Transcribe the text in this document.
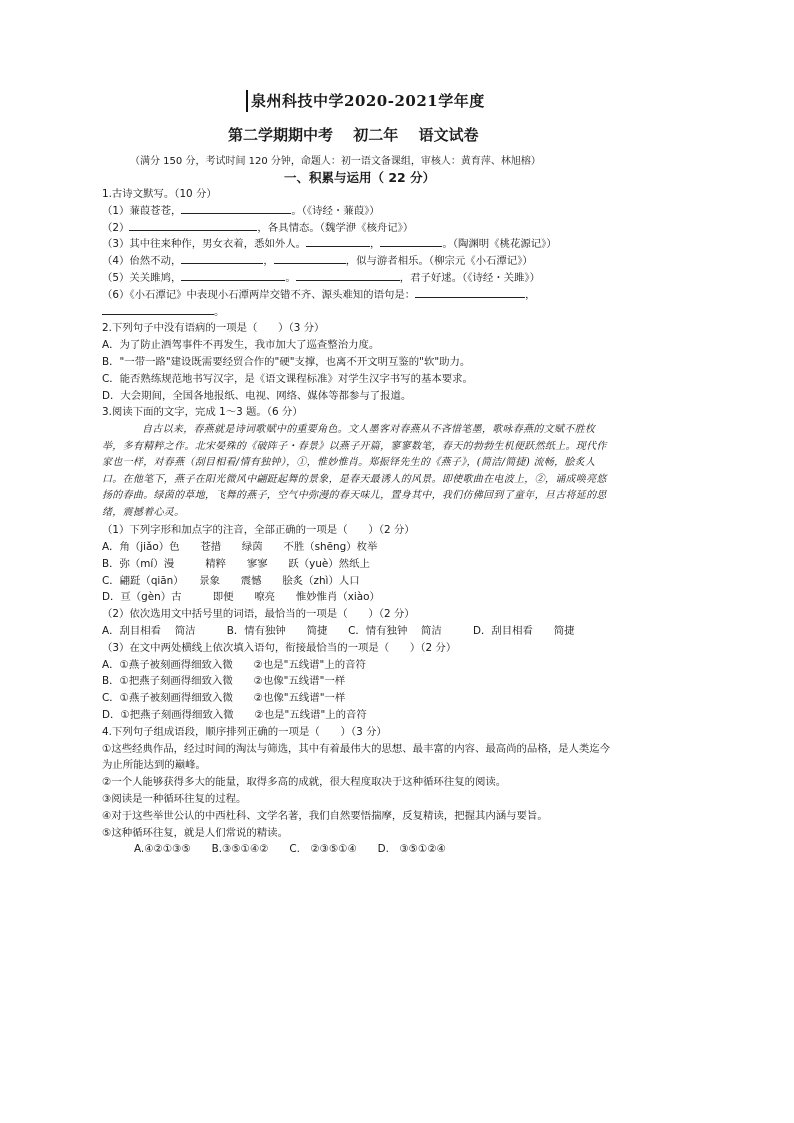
泉州科技中学2020-2021学年度
第二学期期中考　 初二年　 语文试卷
（满分 150 分，考试时间 120 分钟，命题人：初一语文备课组，审核人：黄育萍、林旭榕）
一、积累与运用（ 22 分）
1.古诗文默写。（10 分）
（1）蒹葭苍苍，	。（《诗经・蒹葭》）
（2）	，各具情态。（魏学洢《核舟记》）
（3）其中往来种作，男女衣着，悉如外人。	，	。（陶渊明《桃花源记》）
（4）佁然不动，	，	，似与游者相乐。（柳宗元《小石潭记》）
（5）关关雎鸠，	。	，君子好逑。（《诗经・关雎》）
（6）《小石潭记》中表现小石潭两岸交错不齐、源头难知的语句是：	，
。
2.下列句子中没有语病的一项是（　　）（3 分）
A．为了防止酒驾事件不再发生，我市加大了巡查整治力度。
B．"一带一路"建设既需要经贸合作的"硬"支撑，也离不开文明互鉴的"软"助力。
C．能否熟练规范地书写汉字，是《语文课程标准》对学生汉字书写的基本要求。
D．大会期间，全国各地报纸、电视、网络、媒体等都参与了报道。
3.阅读下面的文字，完成 1～3 题。（6 分）
自古以来，春燕就是诗词歌赋中的重要角色。文人墨客对春燕从不吝惜笔墨，歌咏春燕的文赋不胜枚举，多有精粹之作。北宋晏殊的《破阵子・春景》以燕子开篇，寥寥数笔，春天的勃勃生机便跃然纸上。现代作家也一样，对春燕（刮目相看/情有独钟），①，惟妙惟肖。郑振铎先生的《燕子》，(简洁/简捷) 流畅，脍炙人口。在他笔下，燕子在阳光微风中翩跹起舞的景象，是春天最诱人的风景。即使歌曲在电波上，②，诵成唤亮悠扬的春曲。绿茵的草地，飞舞的燕子，空气中弥漫的春天味儿，置身其中，我们仿佛回到了童年，旦古将延的思绪，震撼着心灵。
（1）下列字形和加点字的注音，全部正确的一项是（　　）（2 分）
A．角（jiǎo）色　　苍措　　绿茵　　不胜（shēng）枚举
B．弥（mí）漫　　　精粹　　寥寥　　跃（yuè）然纸上
C．翩跹（qiān）　　景象　　震憾　　脍炙（zhì）人口
D．亘（gèn）古　　　即便　　嘹亮　　惟妙惟肖（xiào）
（2）依次选用文中括号里的词语，最恰当的一项是（　　）（2 分）
A．刮目相看　 简洁　　　B．情有独钟　　简捷　　C．情有独钟　 简洁　　　D．刮目相看　　简捷
（3）在文中两处横线上依次填入语句，衔接最恰当的一项是（　　）（2 分）
A．①燕子被刻画得细致入微　　②也是"五线谱"上的音符
B．①把燕子刻画得细致入微　　②也像"五线谱"一样
C．①燕子被刻画得细致入微　　②也像"五线谱"一样
D．①把燕子刻画得细致入微　　②也是"五线谱"上的音符
4.下列句子组成语段，顺序排列正确的一项是（　　）（3 分）
①这些经典作品，经过时间的淘汰与筛选，其中有着最伟大的思想、最丰富的内容、最高尚的品格，是人类迄今为止所能达到的巅峰。
②一个人能够获得多大的能量，取得多高的成就，很大程度取决于这种循环往复的阅读。
③阅读是一种循环往复的过程。
④对于这些举世公认的中西杜科、文学名著，我们自然要悟揣摩，反复精读，把握其内涵与要旨。
⑤这种循环往复，就是人们常说的精读。
A.④②①③⑤　　B.③⑤①④②　　C.　②③⑤①④　　D.　③⑤①②④
